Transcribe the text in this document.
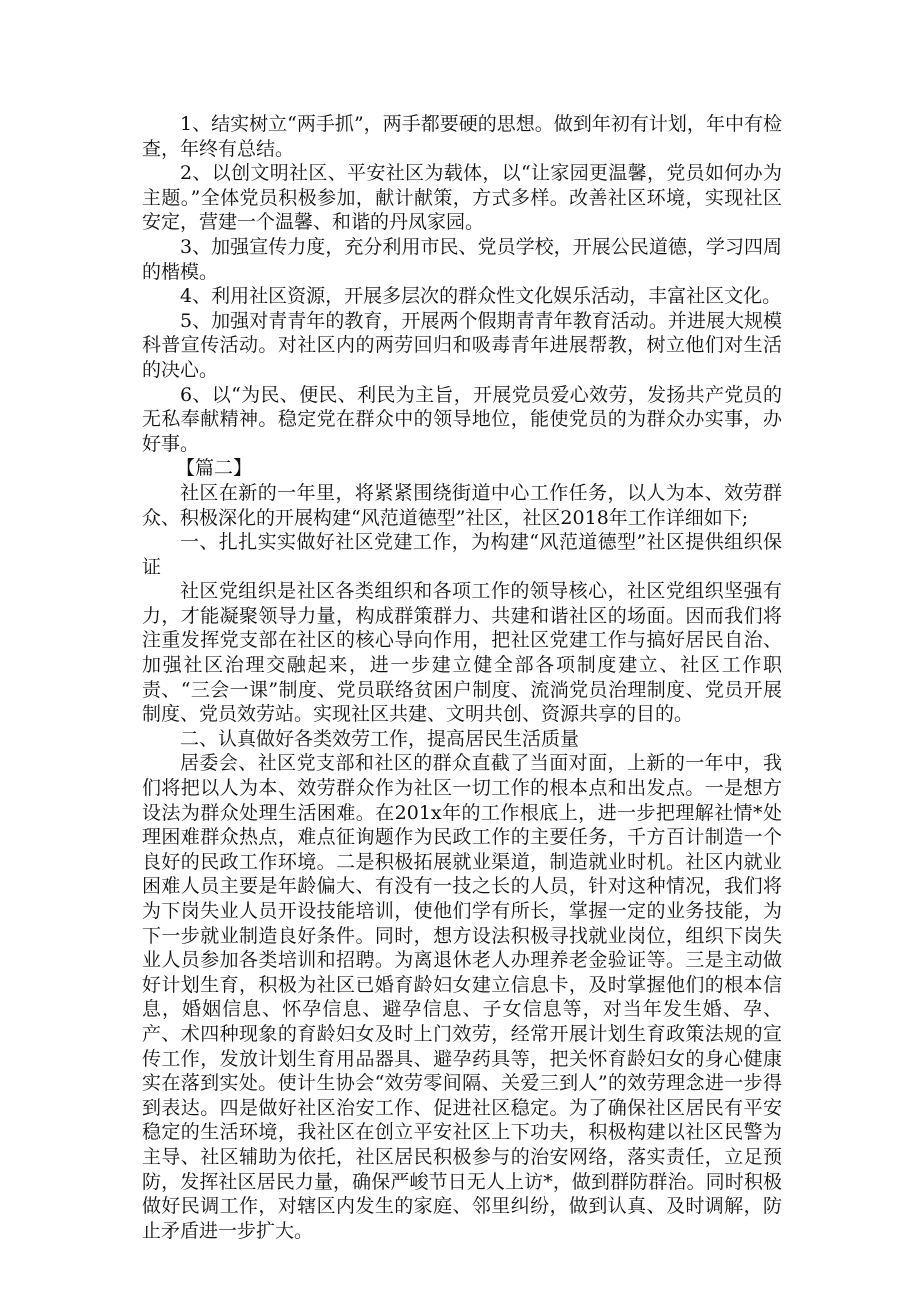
1、结实树立“两手抓”，两手都要硬的思想。做到年初有计划，年中有检查，年终有总结。

2、以创文明社区、平安社区为载体，以“让家园更温馨，党员如何办为主题。”全体党员积极参加，献计献策，方式多样。改善社区环境，实现社区安定，营建一个温馨、和谐的丹凤家园。

3、加强宣传力度，充分利用市民、党员学校，开展公民道德，学习四周的楷模。

4、利用社区资源，开展多层次的群众性文化娱乐活动，丰富社区文化。

5、加强对青青年的教育，开展两个假期青青年教育活动。并进展大规模科普宣传活动。对社区内的两劳回归和吸毒青年进展帮教，树立他们对生活的决心。

6、以“为民、便民、利民为主旨，开展党员爱心效劳，发扬共产党员的无私奉献精神。稳定党在群众中的领导地位，能使党员的为群众办实事，办好事。

【篇二】

社区在新的一年里，将紧紧围绕街道中心工作任务，以人为本、效劳群众、积极深化的开展构建“风范道德型”社区，社区2018年工作详细如下;

一、扎扎实实做好社区党建工作，为构建“风范道德型”社区提供组织保证

社区党组织是社区各类组织和各项工作的领导核心，社区党组织坚强有力，才能凝聚领导力量，构成群策群力、共建和谐社区的场面。因而我们将注重发挥党支部在社区的核心导向作用，把社区党建工作与搞好居民自治、加强社区治理交融起来，进一步建立健全部各项制度建立、社区工作职责、“三会一课”制度、党员联络贫困户制度、流淌党员治理制度、党员开展制度、党员效劳站。实现社区共建、文明共创、资源共享的目的。

二、认真做好各类效劳工作，提高居民生活质量

居委会、社区党支部和社区的群众直截了当面对面，上新的一年中，我们将把以人为本、效劳群众作为社区一切工作的根本点和出发点。一是想方设法为群众处理生活困难。在201x年的工作根底上，进一步把理解社情*处理困难群众热点，难点征询题作为民政工作的主要任务，千方百计制造一个良好的民政工作环境。二是积极拓展就业渠道，制造就业时机。社区内就业困难人员主要是年龄偏大、有没有一技之长的人员，针对这种情况，我们将为下岗失业人员开设技能培训，使他们学有所长，掌握一定的业务技能，为下一步就业制造良好条件。同时，想方设法积极寻找就业岗位，组织下岗失业人员参加各类培训和招聘。为离退休老人办理养老金验证等。三是主动做好计划生育，积极为社区已婚育龄妇女建立信息卡，及时掌握他们的根本信息，婚姻信息、怀孕信息、避孕信息、子女信息等，对当年发生婚、孕、产、术四种现象的育龄妇女及时上门效劳，经常开展计划生育政策法规的宣传工作，发放计划生育用品器具、避孕药具等，把关怀育龄妇女的身心健康实在落到实处。使计生协会“效劳零间隔、关爱三到人”的效劳理念进一步得到表达。四是做好社区治安工作、促进社区稳定。为了确保社区居民有平安稳定的生活环境，我社区在创立平安社区上下功夫，积极构建以社区民警为主导、社区辅助为依托，社区居民积极参与的治安网络，落实责任，立足预防，发挥社区居民力量，确保严峻节日无人上访*，做到群防群治。同时积极做好民调工作，对辖区内发生的家庭、邻里纠纷，做到认真、及时调解，防止矛盾进一步扩大。
